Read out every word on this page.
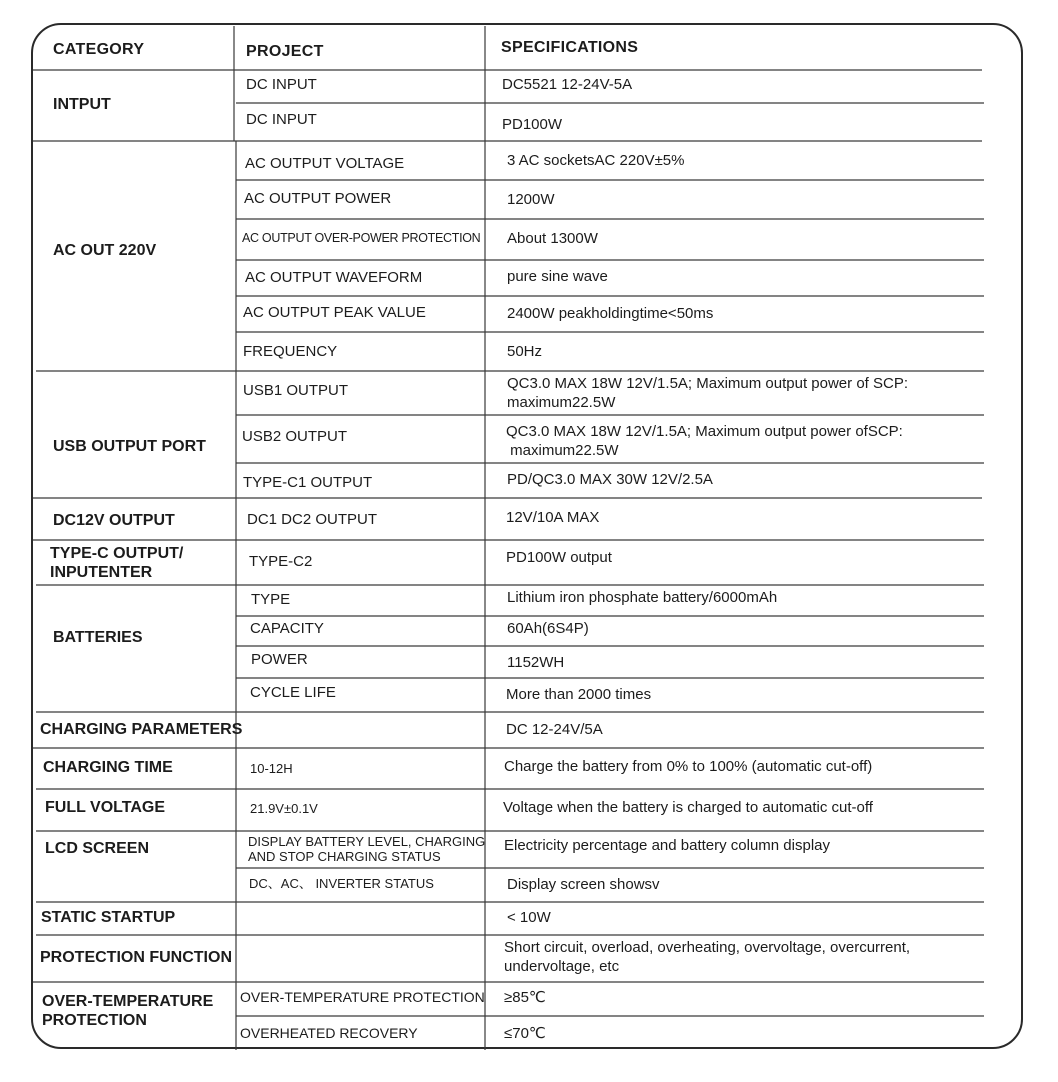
CATEGORY	PROJECT	SPECIFICATIONS
INTPUT
AC OUT 220V
USB OUTPUT PORT
DC12V OUTPUT
TYPE-C OUTPUT/
INPUTENTER
BATTERIES
CHARGING PARAMETERS
CHARGING TIME
FULL VOLTAGE
LCD SCREEN
STATIC STARTUP
PROTECTION FUNCTION
OVER-TEMPERATURE
PROTECTION
DC INPUT
DC INPUT
AC OUTPUT VOLTAGE
AC OUTPUT POWER
AC OUTPUT OVER-POWER PROTECTION
AC OUTPUT WAVEFORM
AC OUTPUT PEAK VALUE
FREQUENCY
USB1 OUTPUT
USB2 OUTPUT
TYPE-C1 OUTPUT
DC1 DC2 OUTPUT
TYPE-C2
TYPE
CAPACITY
POWER
CYCLE LIFE
10-12H
21.9V±0.1V
DISPLAY BATTERY LEVEL, CHARGING
AND STOP CHARGING STATUS
DC、AC、 INVERTER STATUS
OVER-TEMPERATURE PROTECTION
OVERHEATED RECOVERY
DC5521 12-24V-5A
PD100W
3 AC socketsAC 220V±5%
1200W
About 1300W
pure sine wave
2400W peakholdingtime<50ms
50Hz
QC3.0 MAX 18W 12V/1.5A; Maximum output power of SCP:
maximum22.5W
QC3.0 MAX 18W 12V/1.5A; Maximum output power ofSCP:
maximum22.5W
PD/QC3.0 MAX 30W 12V/2.5A
12V/10A MAX
PD100W output
Lithium iron phosphate battery/6000mAh
60Ah(6S4P)
1152WH
More than 2000 times
DC 12-24V/5A
Charge the battery from 0% to 100% (automatic cut-off)
Voltage when the battery is charged to automatic cut-off
Electricity percentage and battery column display
Display screen showsv
< 10W
Short circuit, overload, overheating, overvoltage, overcurrent,
undervoltage, etc
≥85℃
≤70℃
